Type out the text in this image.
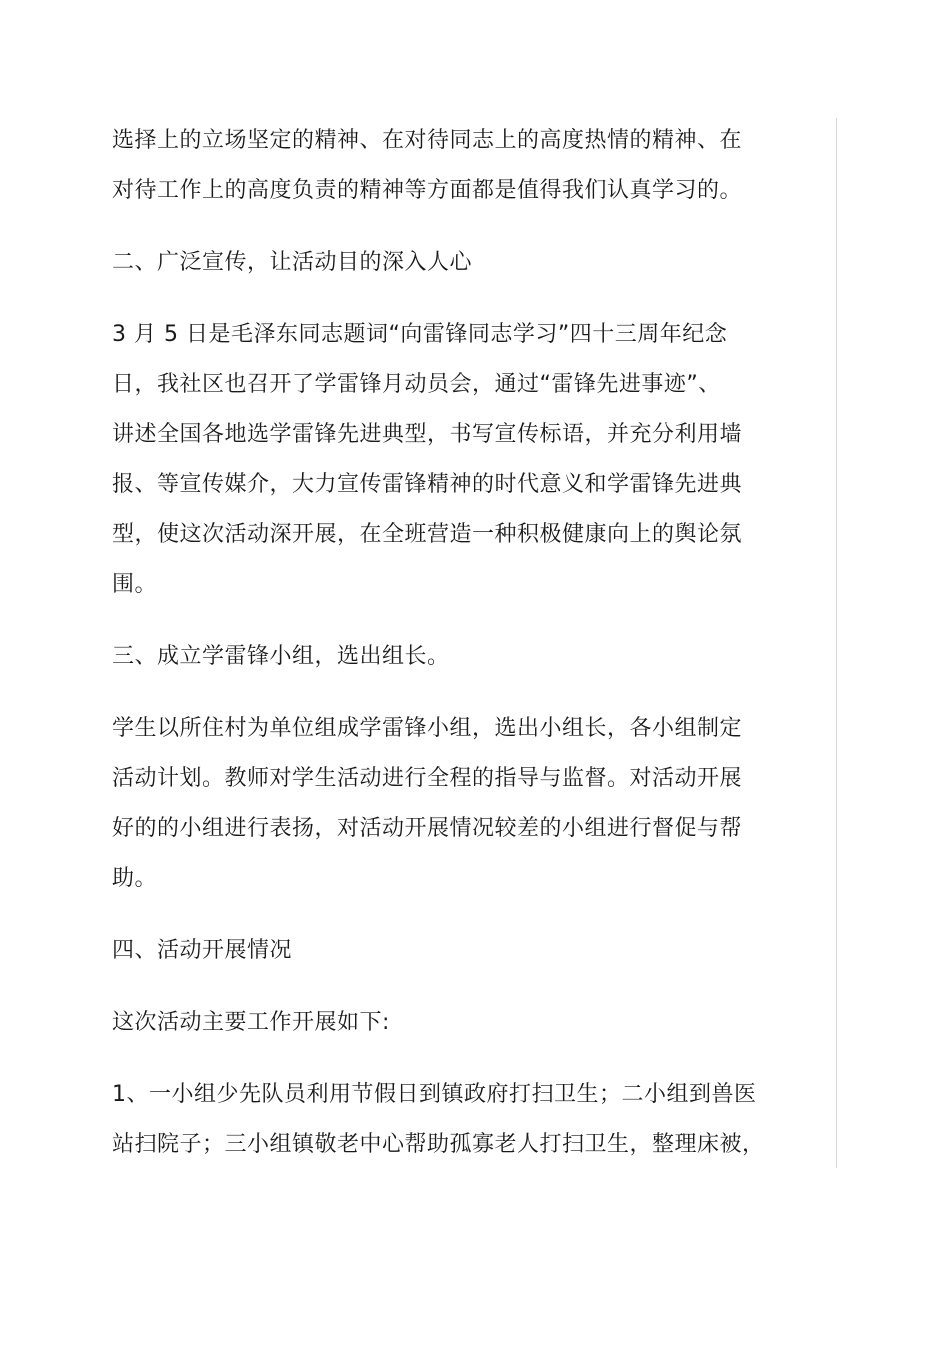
选择上的立场坚定的精神、在对待同志上的高度热情的精神、在
对待工作上的高度负责的精神等方面都是值得我们认真学习的。

二、广泛宣传，让活动目的深入人心

3 月 5 日是毛泽东同志题词“向雷锋同志学习”四十三周年纪念
日，我社区也召开了学雷锋月动员会，通过“雷锋先进事迹”、
讲述全国各地选学雷锋先进典型，书写宣传标语，并充分利用墙
报、等宣传媒介，大力宣传雷锋精神的时代意义和学雷锋先进典
型，使这次活动深开展，在全班营造一种积极健康向上的舆论氛
围。

三、成立学雷锋小组，选出组长。

学生以所住村为单位组成学雷锋小组，选出小组长，各小组制定
活动计划。教师对学生活动进行全程的指导与监督。对活动开展
好的的小组进行表扬，对活动开展情况较差的小组进行督促与帮
助。

四、活动开展情况

这次活动主要工作开展如下:

1、一小组少先队员利用节假日到镇政府打扫卫生；二小组到兽医
站扫院子；三小组镇敬老中心帮助孤寡老人打扫卫生，整理床被，
